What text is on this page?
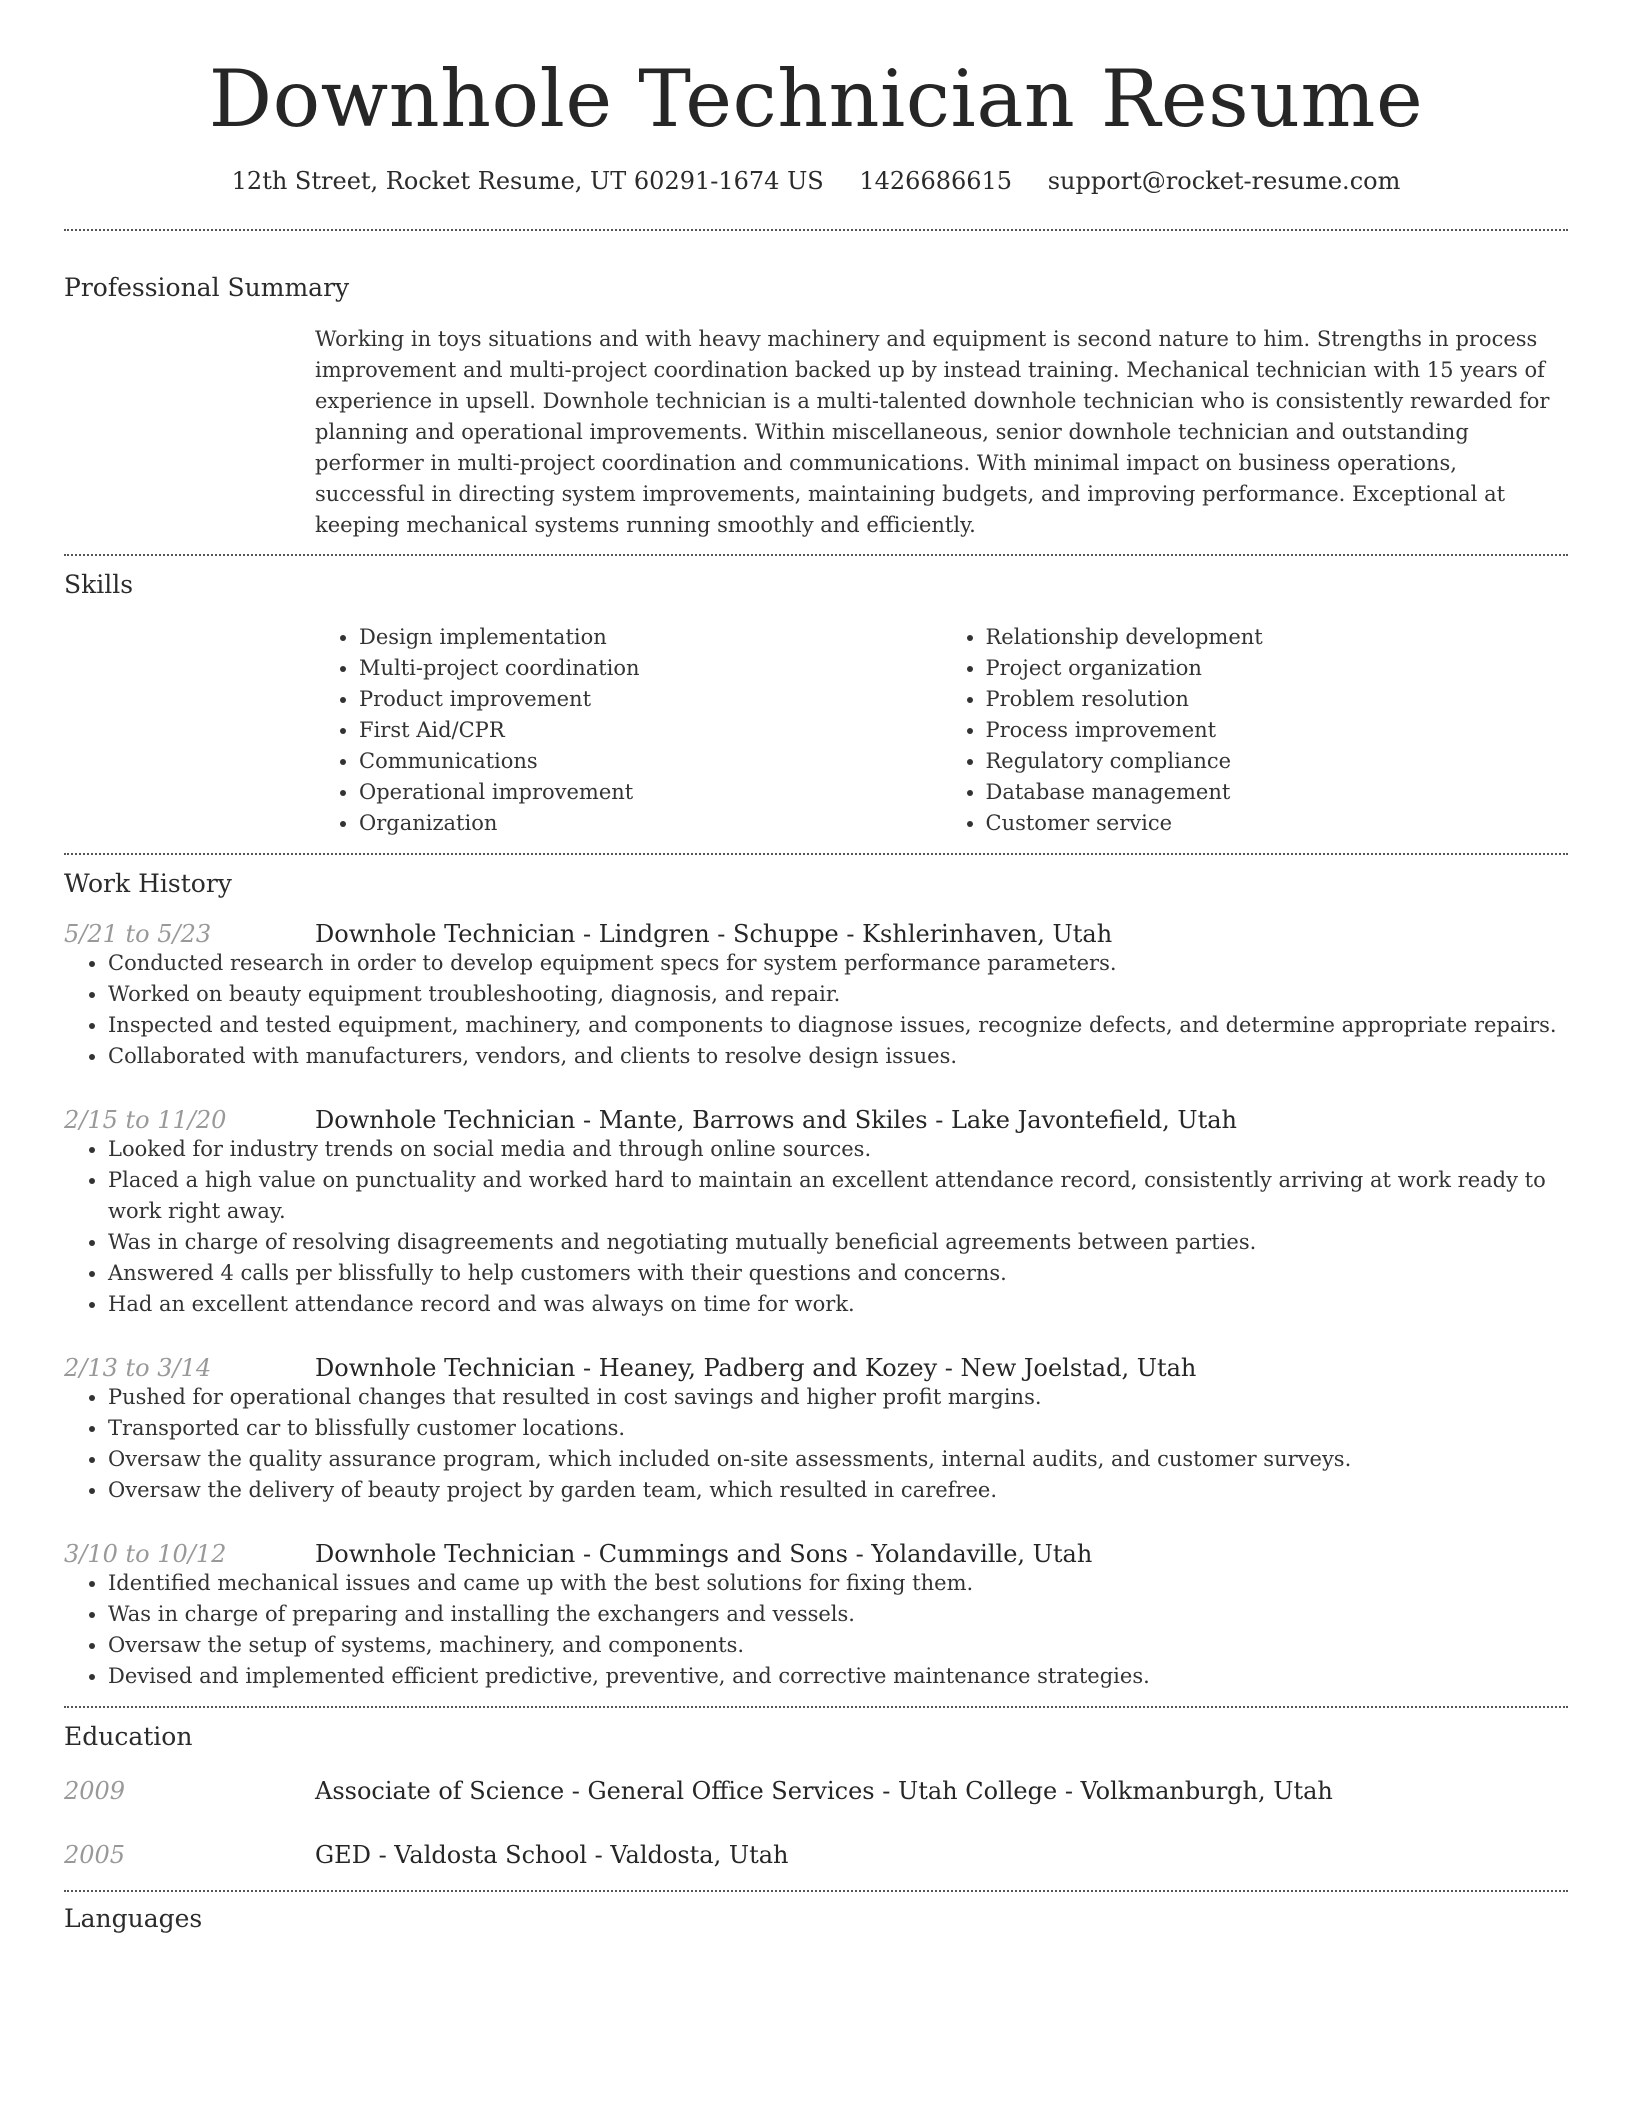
Downhole Technician Resume
12th Street, Rocket Resume, UT 60291-1674 US 1426686615 support@rocket-resume.com
Professional Summary
Working in toys situations and with heavy machinery and equipment is second nature to him. Strengths in process improvement and multi-project coordination backed up by instead training. Mechanical technician with 15 years of experience in upsell. Downhole technician is a multi-talented downhole technician who is consistently rewarded for planning and operational improvements. Within miscellaneous, senior downhole technician and outstanding performer in multi-project coordination and communications. With minimal impact on business operations, successful in directing system improvements, maintaining budgets, and improving performance. Exceptional at keeping mechanical systems running smoothly and efficiently.
Skills
• Design implementation
• Multi-project coordination
• Product improvement
• First Aid/CPR
• Communications
• Operational improvement
• Organization
• Relationship development
• Project organization
• Problem resolution
• Process improvement
• Regulatory compliance
• Database management
• Customer service
Work History
5/21 to 5/23	Downhole Technician - Lindgren - Schuppe - Kshlerinhaven, Utah
• Conducted research in order to develop equipment specs for system performance parameters.
• Worked on beauty equipment troubleshooting, diagnosis, and repair.
• Inspected and tested equipment, machinery, and components to diagnose issues, recognize defects, and determine appropriate repairs.
• Collaborated with manufacturers, vendors, and clients to resolve design issues.
2/15 to 11/20	Downhole Technician - Mante, Barrows and Skiles - Lake Javontefield, Utah
• Looked for industry trends on social media and through online sources.
• Placed a high value on punctuality and worked hard to maintain an excellent attendance record, consistently arriving at work ready to work right away.
• Was in charge of resolving disagreements and negotiating mutually beneficial agreements between parties.
• Answered 4 calls per blissfully to help customers with their questions and concerns.
• Had an excellent attendance record and was always on time for work.
2/13 to 3/14	Downhole Technician - Heaney, Padberg and Kozey - New Joelstad, Utah
• Pushed for operational changes that resulted in cost savings and higher profit margins.
• Transported car to blissfully customer locations.
• Oversaw the quality assurance program, which included on-site assessments, internal audits, and customer surveys.
• Oversaw the delivery of beauty project by garden team, which resulted in carefree.
3/10 to 10/12	Downhole Technician - Cummings and Sons - Yolandaville, Utah
• Identified mechanical issues and came up with the best solutions for fixing them.
• Was in charge of preparing and installing the exchangers and vessels.
• Oversaw the setup of systems, machinery, and components.
• Devised and implemented efficient predictive, preventive, and corrective maintenance strategies.
Education
2009	Associate of Science - General Office Services - Utah College - Volkmanburgh, Utah
2005	GED - Valdosta School - Valdosta, Utah
Languages
